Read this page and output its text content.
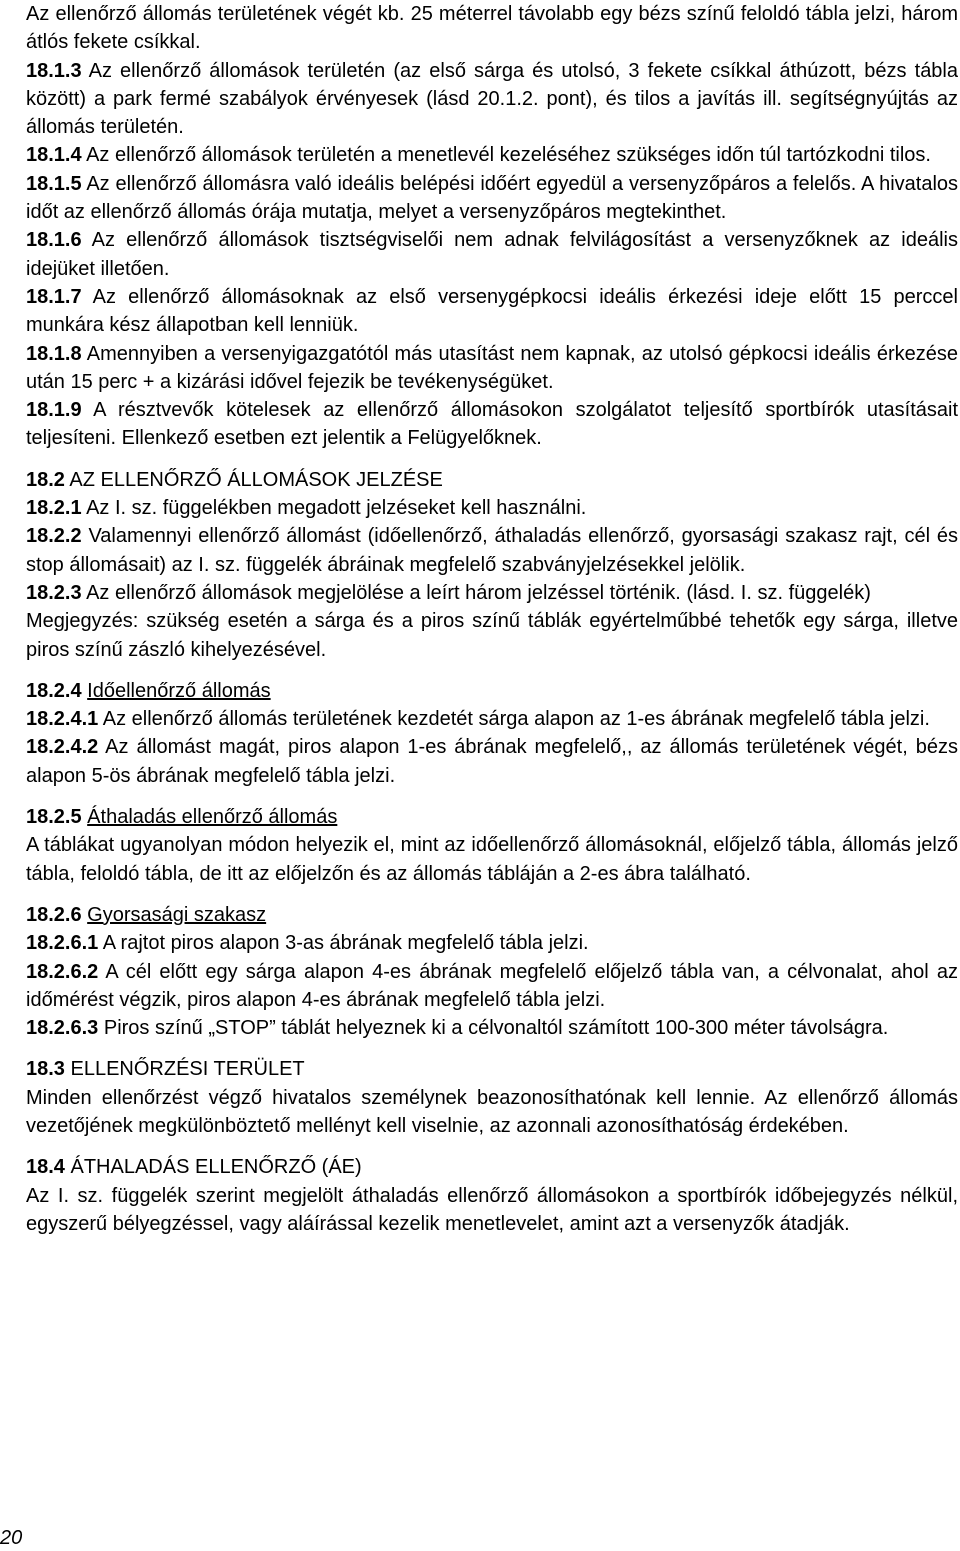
Az ellenőrző állomás területének végét kb. 25 méterrel távolabb egy bézs színű feloldó tábla jelzi, három átlós fekete csíkkal.

18.1.3 Az ellenőrző állomások területén (az első sárga és utolsó, 3 fekete csíkkal áthúzott, bézs tábla között) a park fermé szabályok érvényesek (lásd 20.1.2. pont), és tilos a javítás ill. segítségnyújtás az állomás területén.

18.1.4 Az ellenőrző állomások területén a menetlevél kezeléséhez szükséges időn túl tartózkodni tilos.

18.1.5 Az ellenőrző állomásra való ideális belépési időért egyedül a versenyzőpáros a felelős. A hivatalos időt az ellenőrző állomás órája mutatja, melyet a versenyzőpáros megtekinthet.

18.1.6 Az ellenőrző állomások tisztségviselői nem adnak felvilágosítást a versenyzőknek az ideális idejüket illetően.

18.1.7 Az ellenőrző állomásoknak az első versenygépkocsi ideális érkezési ideje előtt 15 perccel munkára kész állapotban kell lenniük.

18.1.8 Amennyiben a versenyigazgatótól más utasítást nem kapnak, az utolsó gépkocsi ideális érkezése után 15 perc + a kizárási idővel fejezik be tevékenységüket.

18.1.9 A résztvevők kötelesek az ellenőrző állomásokon szolgálatot teljesítő sportbírók utasításait teljesíteni. Ellenkező esetben ezt jelentik a Felügyelőknek.

18.2 AZ ELLENŐRZŐ ÁLLOMÁSOK JELZÉSE

18.2.1 Az I. sz. függelékben megadott jelzéseket kell használni.

18.2.2 Valamennyi ellenőrző állomást (időellenőrző, áthaladás ellenőrző, gyorsasági szakasz rajt, cél és stop állomásait) az I. sz. függelék ábráinak megfelelő szabványjelzésekkel jelölik.

18.2.3 Az ellenőrző állomások megjelölése a leírt három jelzéssel történik. (lásd. I. sz. függelék)

Megjegyzés: szükség esetén a sárga és a piros színű táblák egyértelműbbé tehetők egy sárga, illetve piros színű zászló kihelyezésével.

18.2.4 Időellenőrző állomás

18.2.4.1 Az ellenőrző állomás területének kezdetét sárga alapon az 1-es ábrának megfelelő tábla jelzi.

18.2.4.2 Az állomást magát, piros alapon 1-es ábrának megfelelő,, az állomás területének végét, bézs alapon 5-ös ábrának megfelelő tábla jelzi.

18.2.5 Áthaladás ellenőrző állomás

A táblákat ugyanolyan módon helyezik el, mint az időellenőrző állomásoknál, előjelző tábla, állomás jelző tábla, feloldó tábla, de itt az előjelzőn és az állomás tábláján a 2-es ábra található.

18.2.6 Gyorsasági szakasz

18.2.6.1 A rajtot piros alapon 3-as ábrának megfelelő tábla jelzi.

18.2.6.2 A cél előtt egy sárga alapon 4-es ábrának megfelelő előjelző tábla van, a célvonalat, ahol az időmérést végzik, piros alapon 4-es ábrának megfelelő tábla jelzi.

18.2.6.3 Piros színű „STOP” táblát helyeznek ki a célvonaltól számított 100-300 méter távolságra.

18.3 ELLENŐRZÉSI TERÜLET

Minden ellenőrzést végző hivatalos személynek beazonosíthatónak kell lennie. Az ellenőrző állomás vezetőjének megkülönböztető mellényt kell viselnie, az azonnali azonosíthatóság érdekében.

18.4 ÁTHALADÁS ELLENŐRZŐ (ÁE)

Az I. sz. függelék szerint megjelölt áthaladás ellenőrző állomásokon a sportbírók időbejegyzés nélkül, egyszerű bélyegzéssel, vagy aláírással kezelik menetlevelet, amint azt a versenyzők átadják.

20
